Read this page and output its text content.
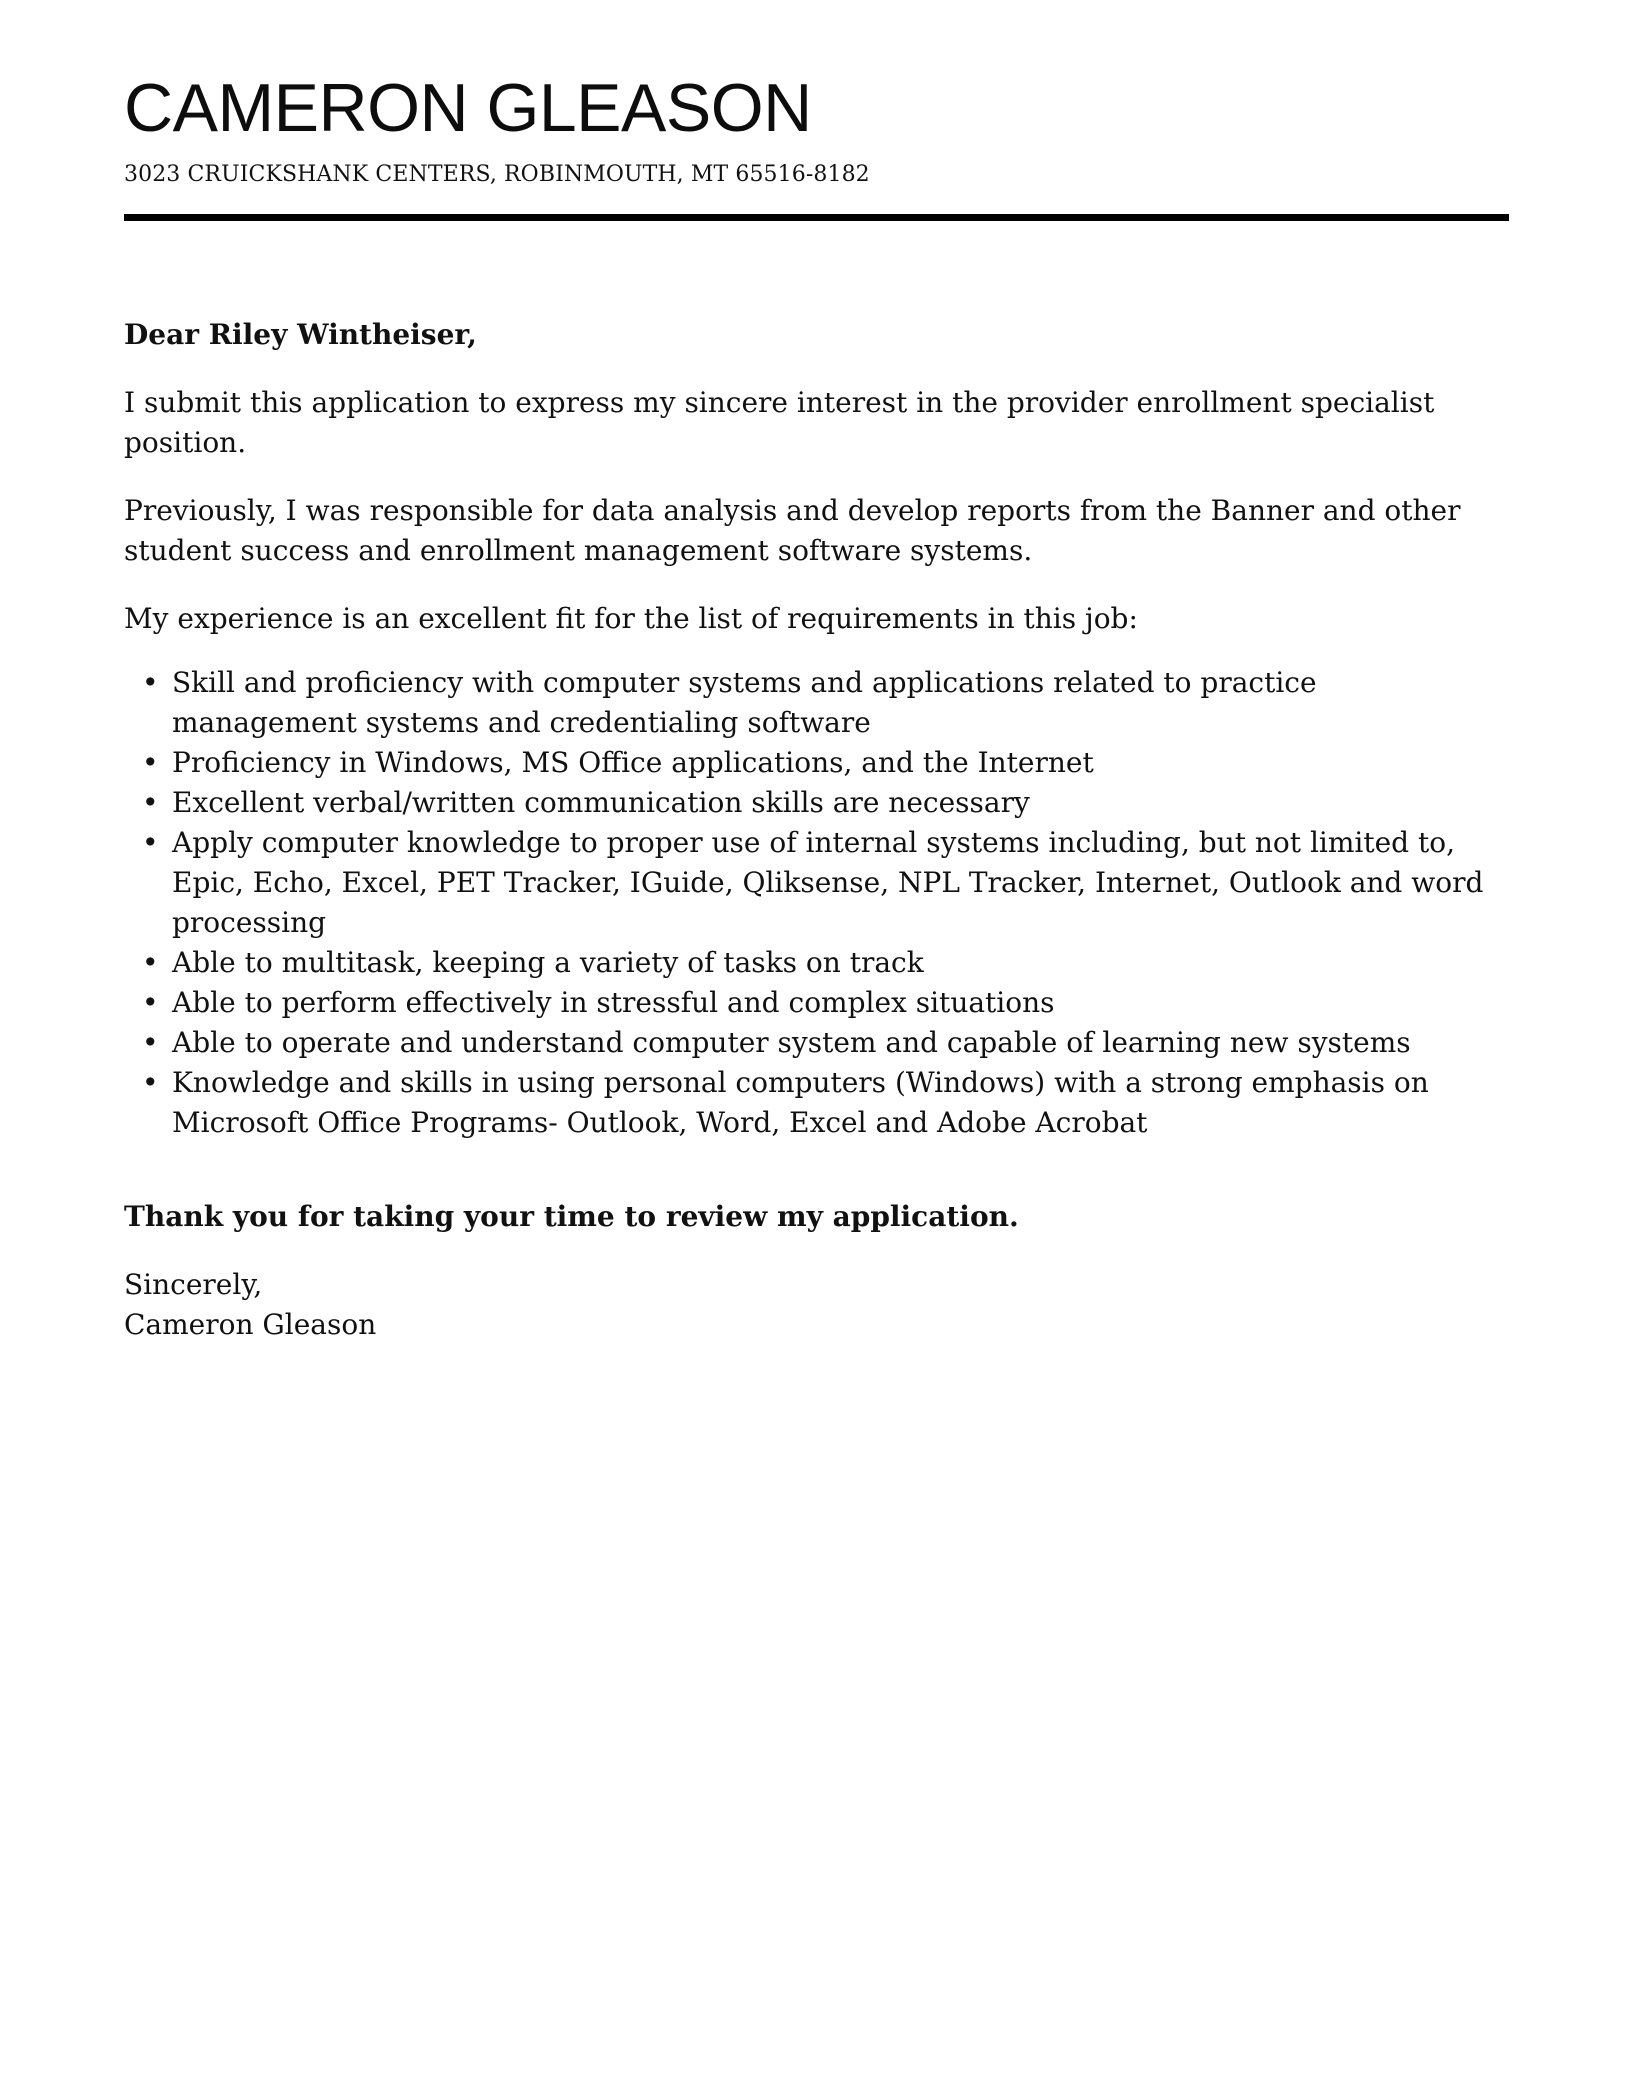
CAMERON GLEASON
3023 CRUICKSHANK CENTERS, ROBINMOUTH, MT 65516-8182
Dear Riley Wintheiser,
I submit this application to express my sincere interest in the provider enrollment specialist position.
Previously, I was responsible for data analysis and develop reports from the Banner and other student success and enrollment management software systems.
My experience is an excellent fit for the list of requirements in this job:
• Skill and proficiency with computer systems and applications related to practice management systems and credentialing software
• Proficiency in Windows, MS Office applications, and the Internet
• Excellent verbal/written communication skills are necessary
• Apply computer knowledge to proper use of internal systems including, but not limited to, Epic, Echo, Excel, PET Tracker, IGuide, Qliksense, NPL Tracker, Internet, Outlook and word processing
• Able to multitask, keeping a variety of tasks on track
• Able to perform effectively in stressful and complex situations
• Able to operate and understand computer system and capable of learning new systems
• Knowledge and skills in using personal computers (Windows) with a strong emphasis on Microsoft Office Programs- Outlook, Word, Excel and Adobe Acrobat
Thank you for taking your time to review my application.
Sincerely,
Cameron Gleason
